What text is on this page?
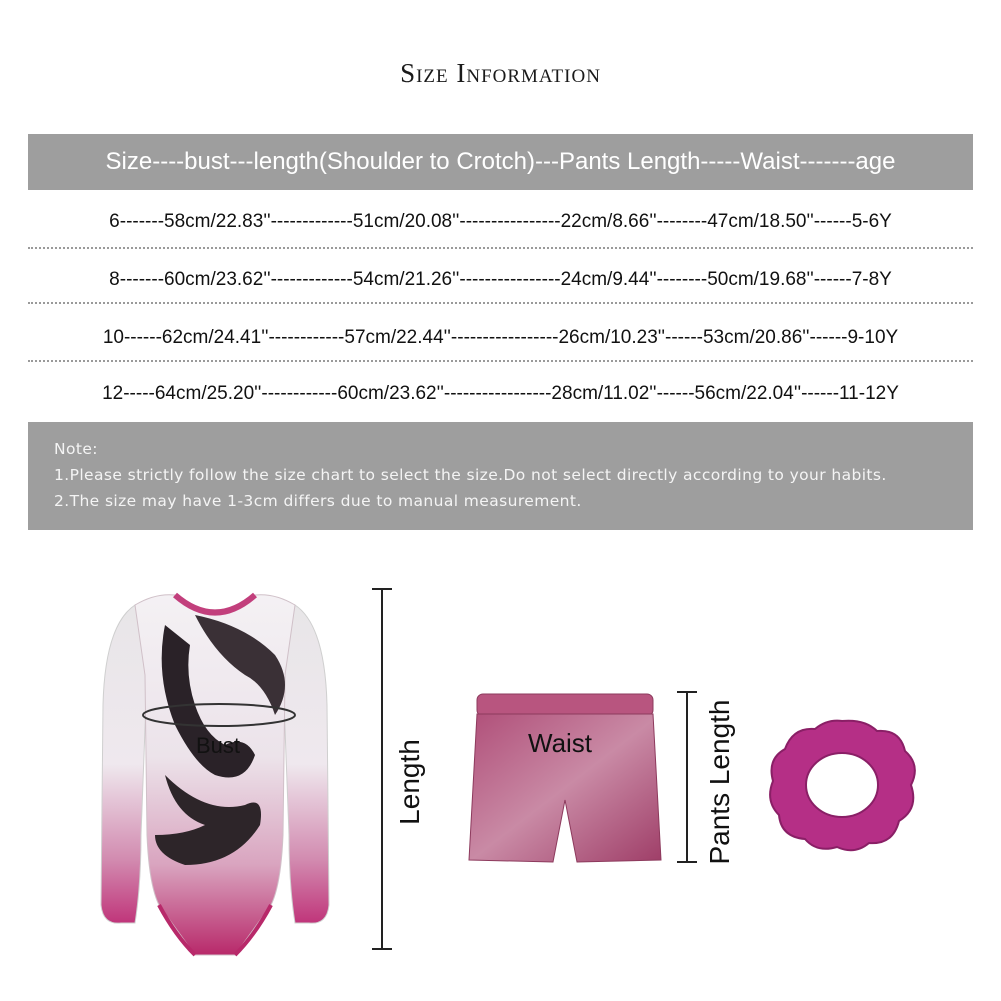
Size Information
Size----bust---length(Shoulder to Crotch)---Pants Length-----Waist-------age
6-------58cm/22.83''-------------51cm/20.08''----------------22cm/8.66''--------47cm/18.50''------5-6Y
8-------60cm/23.62''-------------54cm/21.26''----------------24cm/9.44''--------50cm/19.68''------7-8Y
10------62cm/24.41''------------57cm/22.44''-----------------26cm/10.23''------53cm/20.86''------9-10Y
12-----64cm/25.20''------------60cm/23.62''-----------------28cm/11.02''------56cm/22.04''------11-12Y
Note:
1.Please strictly follow the size chart to select the size.Do not select directly according to your habits.
2.The size may have 1-3cm differs due to manual measurement.
Bust	Length	Waist	Pants Length
